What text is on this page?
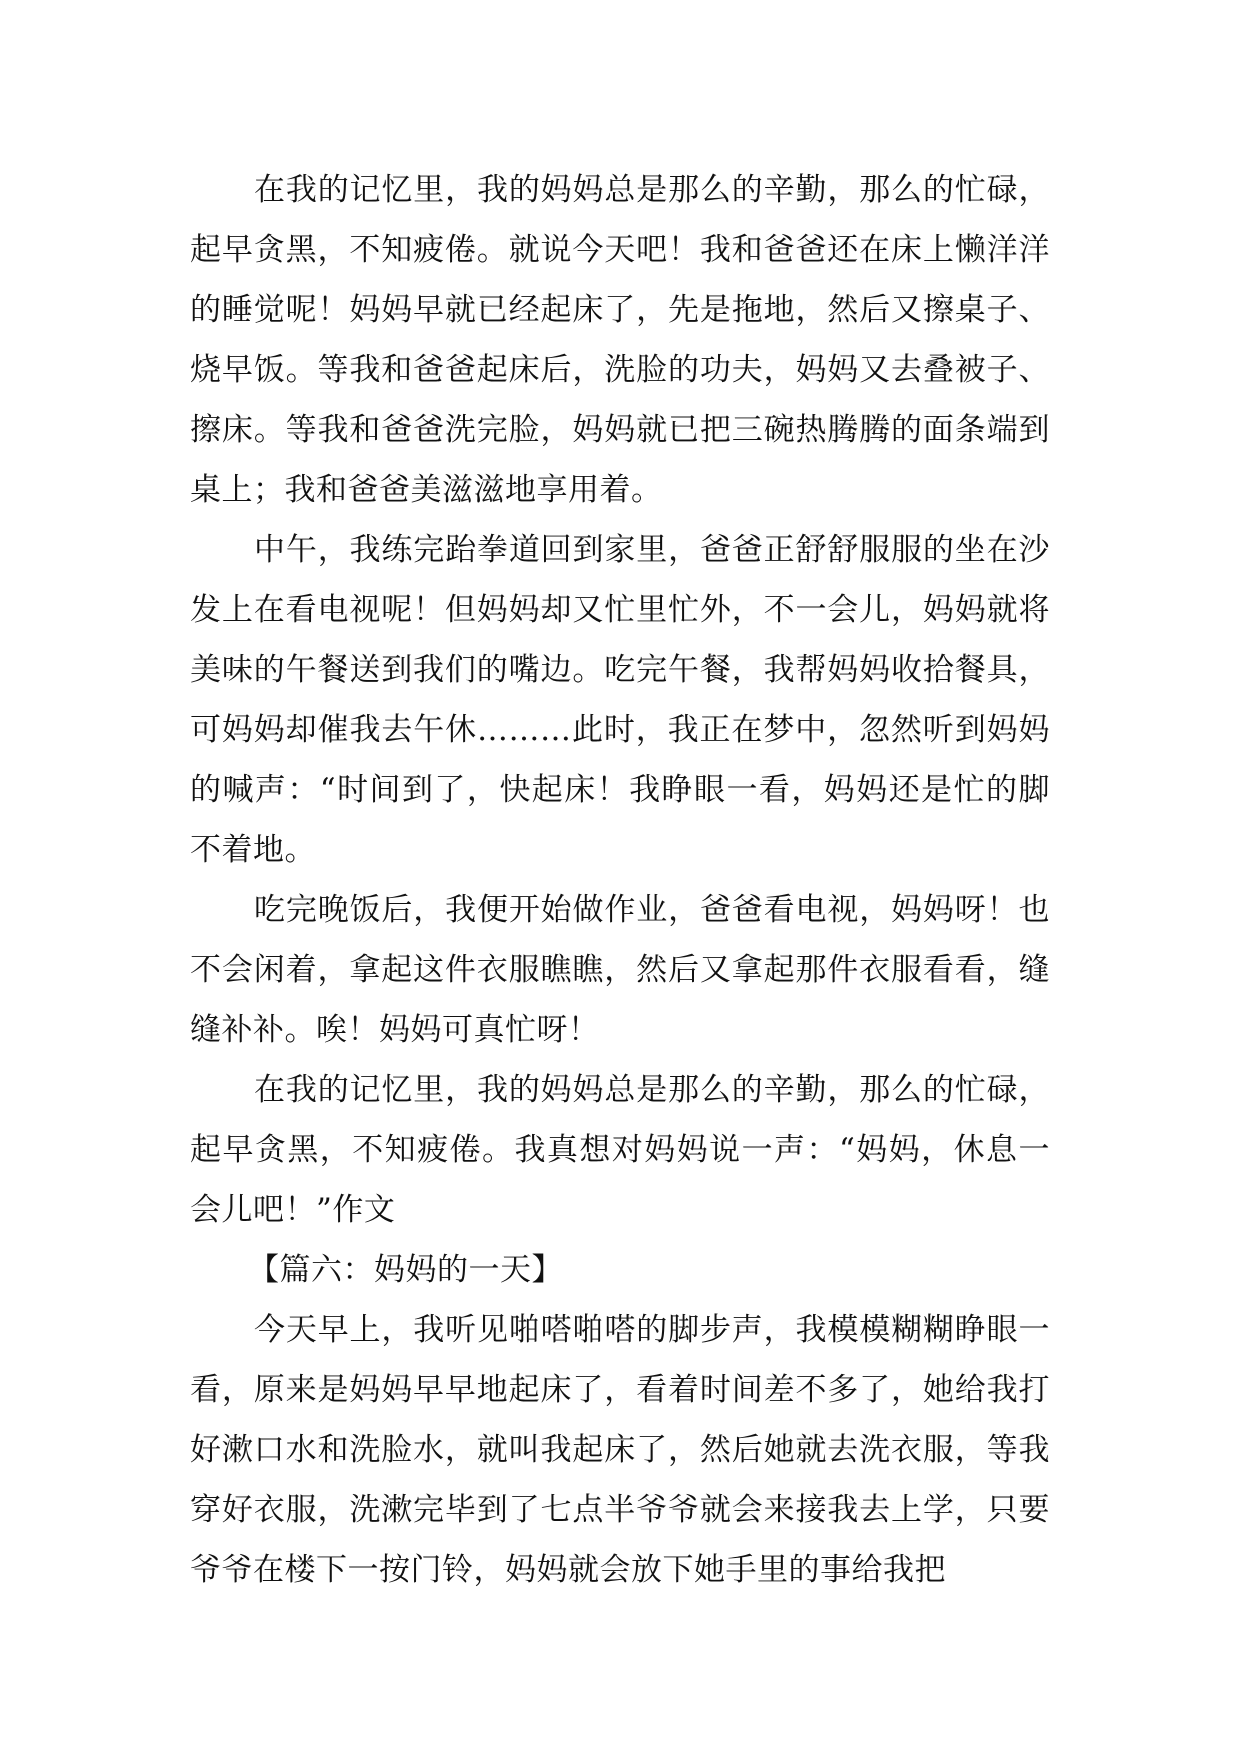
在我的记忆里，我的妈妈总是那么的辛勤，那么的忙碌，起早贪黑，不知疲倦。就说今天吧！我和爸爸还在床上懒洋洋的睡觉呢！妈妈早就已经起床了，先是拖地，然后又擦桌子、烧早饭。等我和爸爸起床后，洗脸的功夫，妈妈又去叠被子、擦床。等我和爸爸洗完脸，妈妈就已把三碗热腾腾的面条端到桌上；我和爸爸美滋滋地享用着。

中午，我练完跆拳道回到家里，爸爸正舒舒服服的坐在沙发上在看电视呢！但妈妈却又忙里忙外，不一会儿，妈妈就将美味的午餐送到我们的嘴边。吃完午餐，我帮妈妈收拾餐具，可妈妈却催我去午休………此时，我正在梦中，忽然听到妈妈的喊声：“时间到了，快起床！我睁眼一看，妈妈还是忙的脚不着地。

吃完晚饭后，我便开始做作业，爸爸看电视，妈妈呀！也不会闲着，拿起这件衣服瞧瞧，然后又拿起那件衣服看看，缝缝补补。唉！妈妈可真忙呀！

在我的记忆里，我的妈妈总是那么的辛勤，那么的忙碌，起早贪黑，不知疲倦。我真想对妈妈说一声：“妈妈，休息一会儿吧！”作文

【篇六：妈妈的一天】

今天早上，我听见啪嗒啪嗒的脚步声，我模模糊糊睁眼一看，原来是妈妈早早地起床了，看着时间差不多了，她给我打好漱口水和洗脸水，就叫我起床了，然后她就去洗衣服，等我穿好衣服，洗漱完毕到了七点半爷爷就会来接我去上学，只要爷爷在楼下一按门铃，妈妈就会放下她手里的事给我把
